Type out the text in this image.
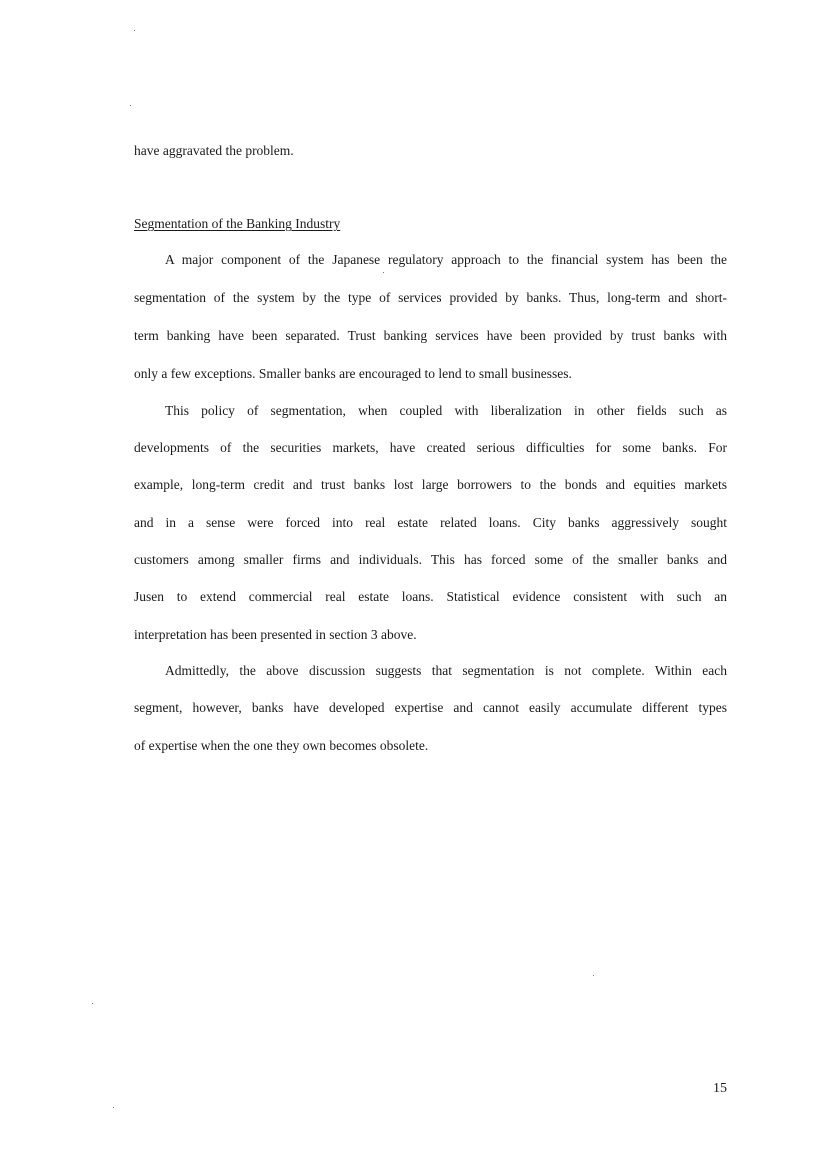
have aggravated the problem.
Segmentation of the Banking Industry
A major component of the Japanese regulatory approach to the financial system has been the
segmentation of the system by the type of services provided by banks. Thus, long-term and short-
term banking have been separated. Trust banking services have been provided by trust banks with
only a few exceptions. Smaller banks are encouraged to lend to small businesses.
This policy of segmentation, when coupled with liberalization in other fields such as
developments of the securities markets, have created serious difficulties for some banks. For
example, long-term credit and trust banks lost large borrowers to the bonds and equities markets
and in a sense were forced into real estate related loans. City banks aggressively sought
customers among smaller firms and individuals. This has forced some of the smaller banks and
Jusen to extend commercial real estate loans. Statistical evidence consistent with such an
interpretation has been presented in section 3 above.
Admittedly, the above discussion suggests that segmentation is not complete. Within each
segment, however, banks have developed expertise and cannot easily accumulate different types
of expertise when the one they own becomes obsolete.
15
